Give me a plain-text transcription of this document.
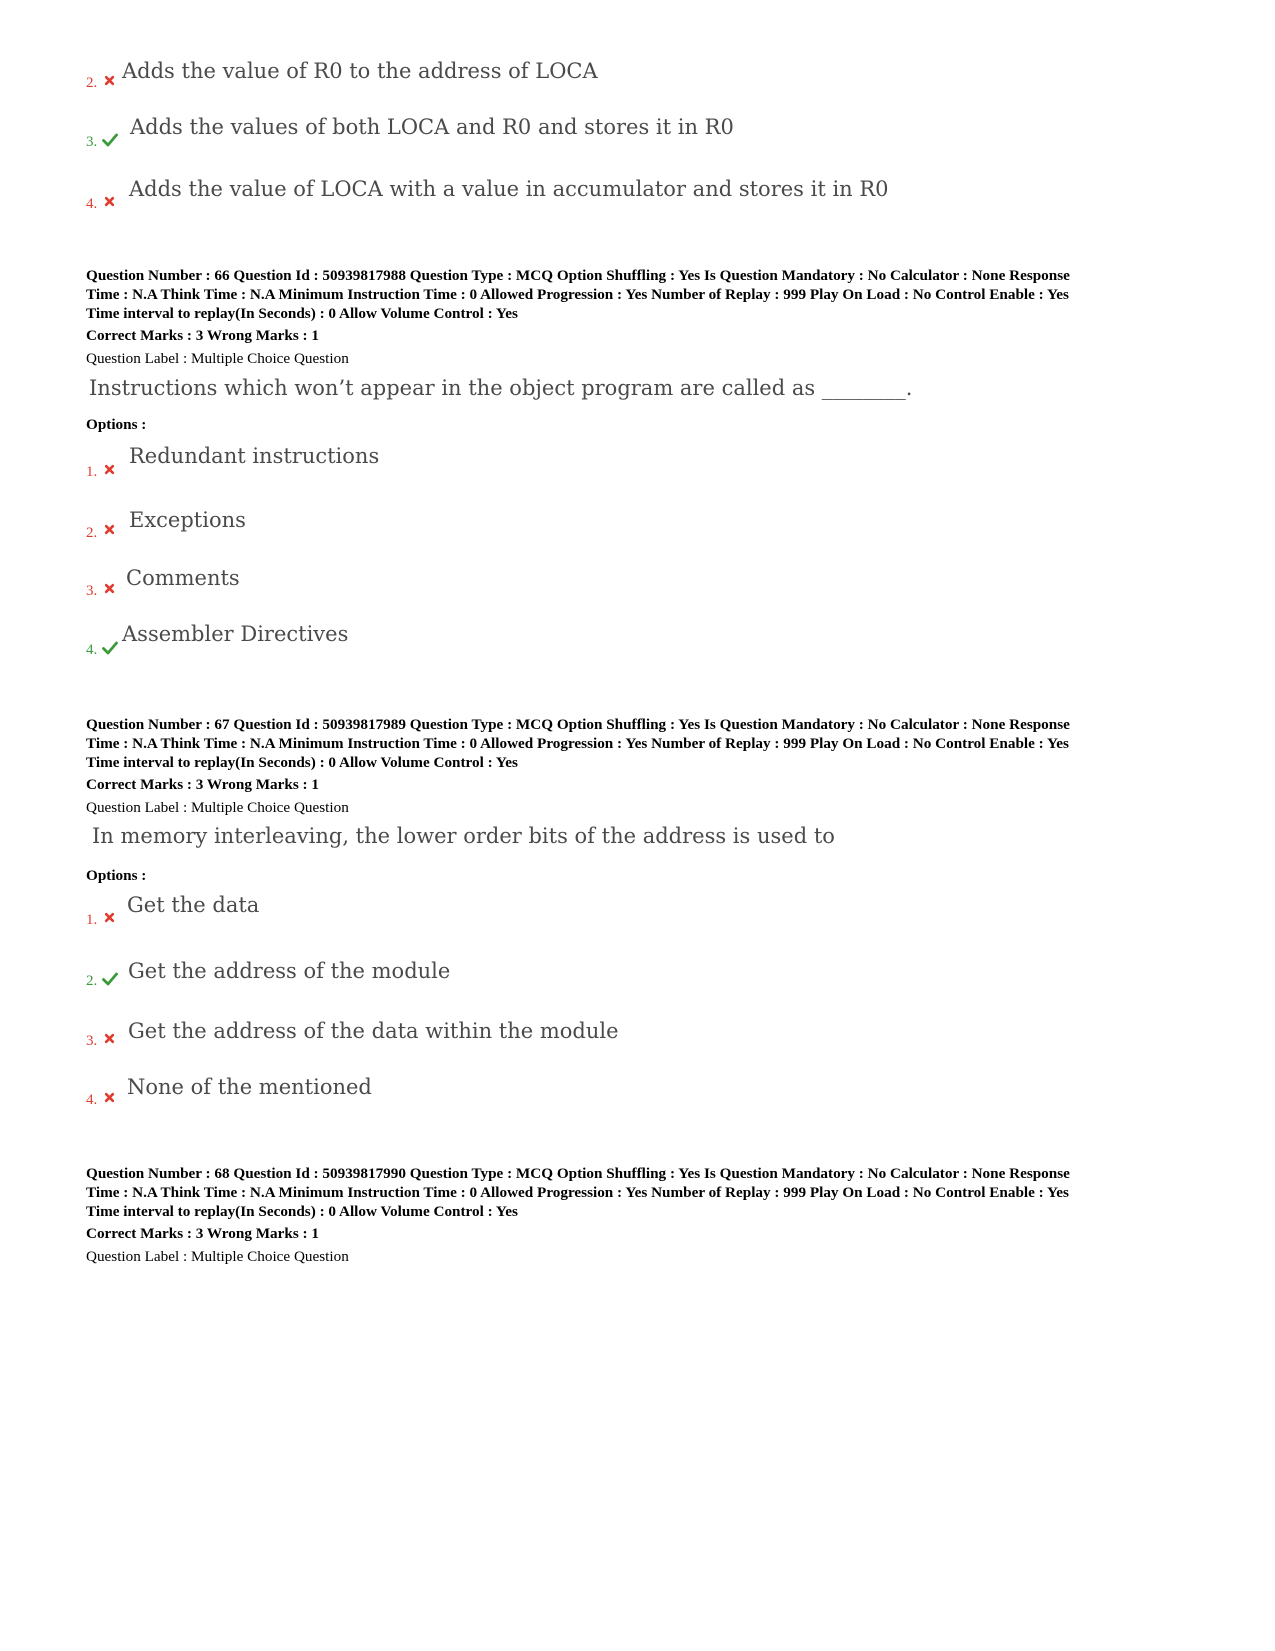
2. Adds the value of R0 to the address of LOCA
3.
Adds the values of both LOCA and R0 and stores it in R0
4.
Adds the value of LOCA with a value in accumulator and stores it in R0
Question Number : 66 Question Id : 50939817988 Question Type : MCQ Option Shuffling : Yes Is Question Mandatory : No Calculator : None Response
Time : N.A Think Time : N.A Minimum Instruction Time : 0 Allowed Progression : Yes Number of Replay : 999 Play On Load : No Control Enable : Yes
Time interval to replay(In Seconds) : 0 Allow Volume Control : Yes
Correct Marks : 3 Wrong Marks : 1
Question Label : Multiple Choice Question
Instructions which won’t appear in the object program are called as ________.
Options :
1.
Redundant instructions
2.
Exceptions
3.
Comments
4.
Assembler Directives
Question Number : 67 Question Id : 50939817989 Question Type : MCQ Option Shuffling : Yes Is Question Mandatory : No Calculator : None Response
Time : N.A Think Time : N.A Minimum Instruction Time : 0 Allowed Progression : Yes Number of Replay : 999 Play On Load : No Control Enable : Yes
Time interval to replay(In Seconds) : 0 Allow Volume Control : Yes
Correct Marks : 3 Wrong Marks : 1
Question Label : Multiple Choice Question
In memory interleaving, the lower order bits of the address is used to
Options :
1.
Get the data
2. Get the address of the module
3. Get the address of the data within the module
4.
None of the mentioned
Question Number : 68 Question Id : 50939817990 Question Type : MCQ Option Shuffling : Yes Is Question Mandatory : No Calculator : None Response
Time : N.A Think Time : N.A Minimum Instruction Time : 0 Allowed Progression : Yes Number of Replay : 999 Play On Load : No Control Enable : Yes
Time interval to replay(In Seconds) : 0 Allow Volume Control : Yes
Correct Marks : 3 Wrong Marks : 1
Question Label : Multiple Choice Question
